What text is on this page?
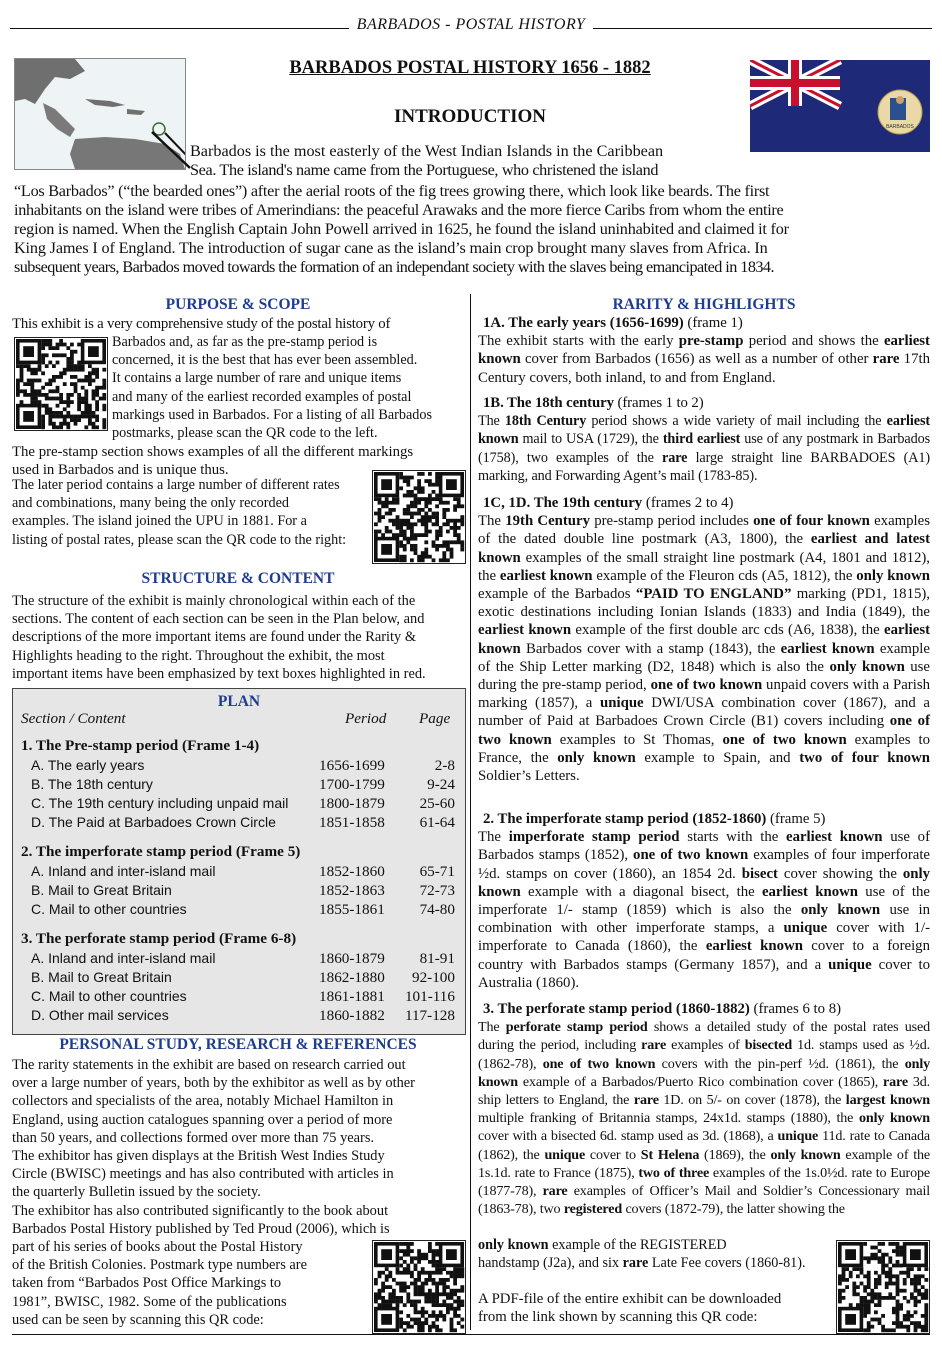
BARBADOS - POSTAL HISTORY
BARBADOS
BARBADOS POSTAL HISTORY 1656 - 1882
INTRODUCTION
Barbados is the most easterly of the West Indian Islands in the Caribbean
Sea. The island's name came from the Portuguese, who christened the island
“Los Barbados” (“the bearded ones”) after the aerial roots of the fig trees growing there, which look like beards. The first
inhabitants on the island were tribes of Amerindians: the peaceful Arawaks and the more fierce Caribs from whom the entire
region is named. When the English Captain John Powell arrived in 1625, he found the island uninhabited and claimed it for
King James I of England. The introduction of sugar cane as the island’s main crop brought many slaves from Africa. In
subsequent years, Barbados moved towards the formation of an independant society with the slaves being emancipated in 1834.
PURPOSE & SCOPE
This exhibit is a very comprehensive study of the postal history of
Barbados and, as far as the pre-stamp period is
concerned, it is the best that has ever been assembled.
It contains a large number of rare and unique items
and many of the earliest recorded examples of postal
markings used in Barbados. For a listing of all Barbados
postmarks, please scan the QR code to the left.
The pre-stamp section shows examples of all the different markings
used in Barbados and is unique thus.
The later period contains a large number of different rates
and combinations, many being the only recorded
examples. The island joined the UPU in 1881. For a
listing of postal rates, please scan the QR code to the right:
STRUCTURE & CONTENT
The structure of the exhibit is mainly chronological within each of the
sections. The content of each section can be seen in the Plan below, and
descriptions of the more important items are found under the Rarity &
Highlights heading to the right. Throughout the exhibit, the most
important items have been emphasized by text boxes highlighted in red.
PLAN
Section / Content	Period Page
1. The Pre-stamp period (Frame 1-4)
A. The early years	1656-1699	2-8
B. The 18th century	1700-1799	9-24
C. The 19th century including unpaid mail 1800-1879 25-60
D. The Paid at Barbadoes Crown Circle	1851-1858 61-64
2. The imperforate stamp period (Frame 5)
A. Inland and inter-island mail	1852-1860 65-71
B. Mail to Great Britain	1852-1863 72-73
C. Mail to other countries	1855-1861 74-80
3. The perforate stamp period (Frame 6-8)
A. Inland and inter-island mail	1860-1879 81-91
B. Mail to Great Britain	1862-1880 92-100
C. Mail to other countries	1861-1881 101-116
D. Other mail services	1860-1882 117-128
PERSONAL STUDY, RESEARCH & REFERENCES
The rarity statements in the exhibit are based on research carried out
over a large number of years, both by the exhibitor as well as by other
collectors and specialists of the area, notably Michael Hamilton in
England, using auction catalogues spanning over a period of more
than 50 years, and collections formed over more than 75 years.
The exhibitor has given displays at the British West Indies Study
Circle (BWISC) meetings and has also contributed with articles in
the quarterly Bulletin issued by the society.
The exhibitor has also contributed significantly to the book about
Barbados Postal History published by Ted Proud (2006), which is
part of his series of books about the Postal History
of the British Colonies. Postmark type numbers are
taken from “Barbados Post Office Markings to
1981”, BWISC, 1982. Some of the publications
used can be seen by scanning this QR code:
RARITY & HIGHLIGHTS

1A. The early years (1656-1699) (frame 1)

The exhibit starts with the early pre-stamp period and shows the earliest known cover from Barbados (1656) as well as a number of other rare 17th Century covers, both inland, to and from England.

1B. The 18th century (frames 1 to 2)

The 18th Century period shows a wide variety of mail including the earliest known mail to USA (1729), the third earliest use of any postmark in Barbados (1758), two examples of the rare large straight line BARBADOES (A1) marking, and Forwarding Agent’s mail (1783-85).

1C, 1D. The 19th century (frames 2 to 4)

The 19th Century pre-stamp period includes one of four known examples of the dated double line postmark (A3, 1800), the earliest and latest known examples of the small straight line postmark (A4, 1801 and 1812), the earliest known example of the Fleuron cds (A5, 1812), the only known example of the Barbados “PAID TO ENGLAND” marking (PD1, 1815), exotic destinations including Ionian Islands (1833) and India (1849), the earliest known example of the first double arc cds (A6, 1838), the earliest known Barbados cover with a stamp (1843), the earliest known example of the Ship Letter marking (D2, 1848) which is also the only known use during the pre-stamp period, one of two known unpaid covers with a Parish marking (1857), a unique DWI/USA combination cover (1867), and a number of Paid at Barbadoes Crown Circle (B1) covers including one of two known examples to St Thomas, one of two known examples to France, the only known example to Spain, and two of four known Soldier’s Letters.

2. The imperforate stamp period (1852-1860) (frame 5)

The imperforate stamp period starts with the earliest known use of Barbados stamps (1852), one of two known examples of four imperforate ½d. stamps on cover (1860), an 1854 2d. bisect cover showing the only known example with a diagonal bisect, the earliest known use of the imperforate 1/- stamp (1859) which is also the only known use in combination with other imperforate stamps, a unique cover with 1/- imperforate to Canada (1860), the earliest known cover to a foreign country with Barbados stamps (Germany 1857), and a unique cover to Australia (1860).

3. The perforate stamp period (1860-1882) (frames 6 to 8)

The perforate stamp period shows a detailed study of the postal rates used during the period, including rare examples of bisected 1d. stamps used as ½d. (1862-78), one of two known covers with the pin-perf ½d. (1861), the only known example of a Barbados/Puerto Rico combination cover (1865), rare 3d. ship letters to England, the rare 1D. on 5/- on cover (1878), the largest known multiple franking of Britannia stamps, 24x1d. stamps (1880), the only known cover with a bisected 6d. stamp used as 3d. (1868), a unique 11d. rate to Canada (1862), the unique cover to St Helena (1869), the only known example of the 1s.1d. rate to France (1875), two of three examples of the 1s.0½d. rate to Europe (1877-78), rare examples of Officer’s Mail and Soldier’s Concessionary mail (1863-78), two registered covers (1872-79), the latter showing the

only known example of the REGISTERED
handstamp (J2a), and six rare Late Fee covers (1860-81).
A PDF-file of the entire exhibit can be downloaded
from the link shown by scanning this QR code:
